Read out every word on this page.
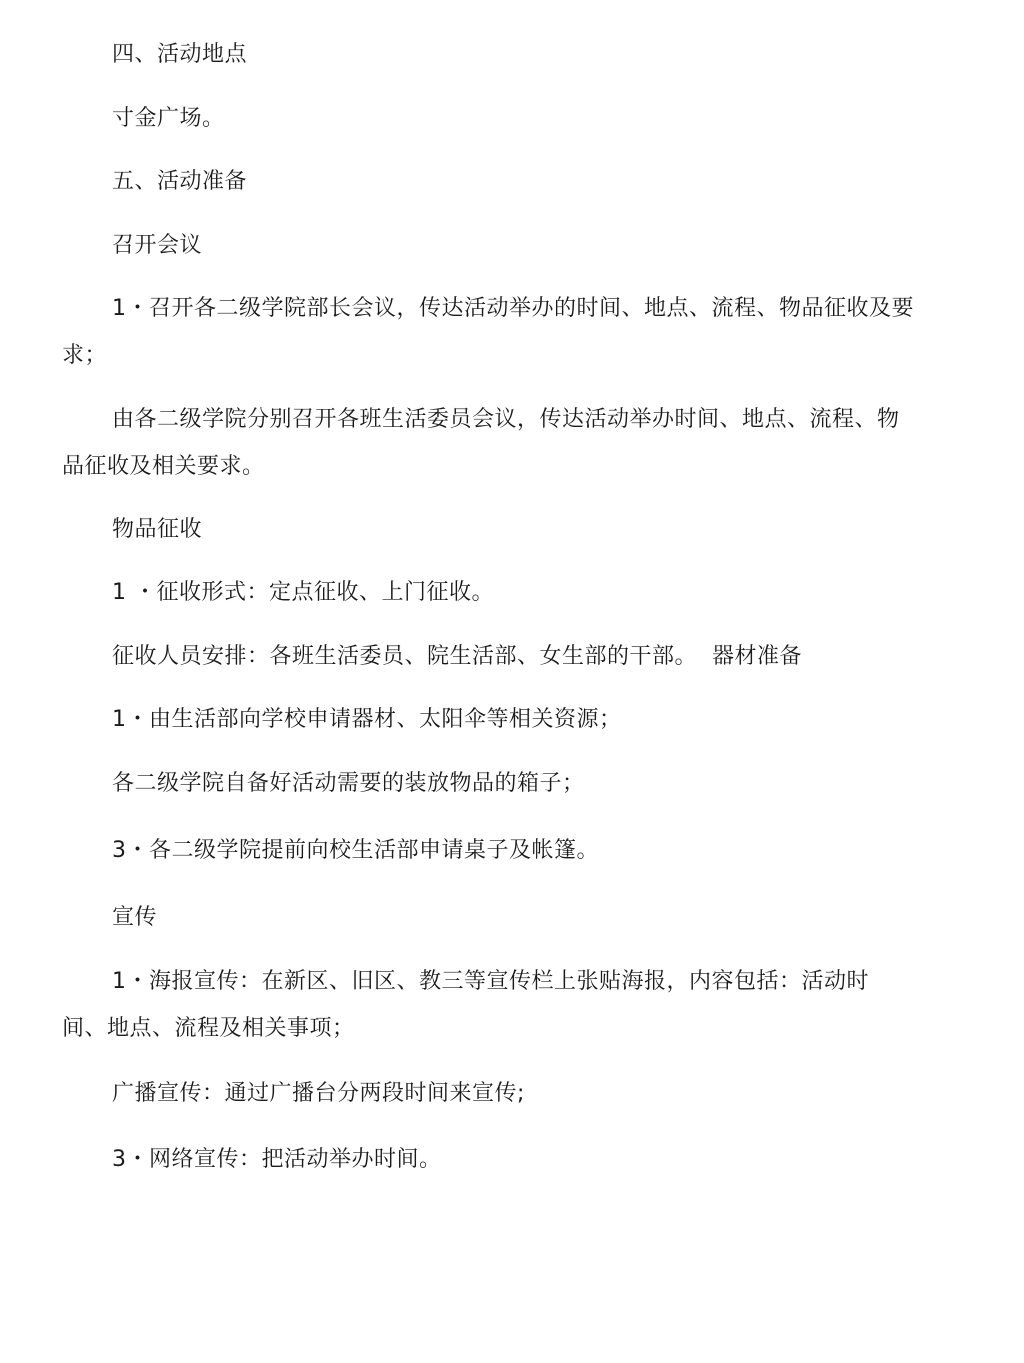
四、活动地点
寸金广场。
五、活动准备
召开会议
1・召开各二级学院部长会议，传达活动举办的时间、地点、流程、物品征收及要
求；
由各二级学院分别召开各班生活委员会议，传达活动举办时间、地点、流程、物
品征收及相关要求。
物品征收
1 ・征收形式：定点征收、上门征收。
征收人员安排：各班生活委员、院生活部、女生部的干部。  器材准备
1・由生活部向学校申请器材、太阳伞等相关资源；
各二级学院自备好活动需要的装放物品的箱子；
3・各二级学院提前向校生活部申请桌子及帐篷。
宣传
1・海报宣传：在新区、旧区、教三等宣传栏上张贴海报，内容包括：活动时
间、地点、流程及相关事项；
广播宣传：通过广播台分两段时间来宣传;
3・网络宣传：把活动举办时间。
